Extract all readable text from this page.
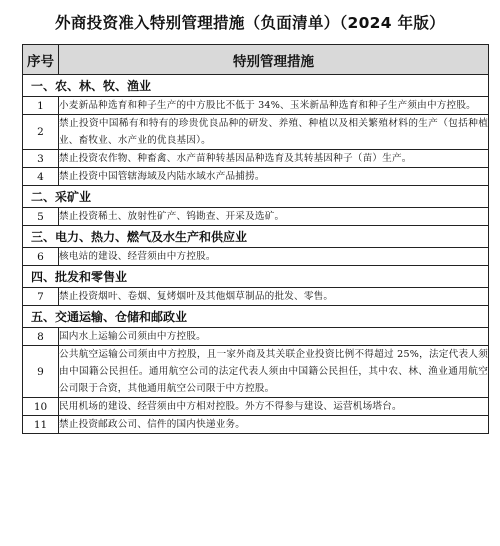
外商投资准入特别管理措施（负面清单）（2024 年版）
序号	特别管理措施
一、农、林、牧、渔业	
1	小麦新品种选育和种子生产的中方股比不低于 34%、玉米新品种选育和种子生产须由中方控股。
2	禁止投资中国稀有和特有的珍贵优良品种的研发、养殖、种植以及相关繁殖材料的生产（包括种植业、畜牧业、水产业的优良基因）。
3	禁止投资农作物、种畜禽、水产苗种转基因品种选育及其转基因种子（苗）生产。
4	禁止投资中国管辖海域及内陆水域水产品捕捞。
二、采矿业	
5	禁止投资稀土、放射性矿产、钨勘查、开采及选矿。
三、电力、热力、燃气及水生产和供应业	
6	核电站的建设、经营须由中方控股。
四、批发和零售业	
7	禁止投资烟叶、卷烟、复烤烟叶及其他烟草制品的批发、零售。
五、交通运输、仓储和邮政业	
8	国内水上运输公司须由中方控股。
9	公共航空运输公司须由中方控股，且一家外商及其关联企业投资比例不得超过 25%，法定代表人须由中国籍公民担任。通用航空公司的法定代表人须由中国籍公民担任，其中农、林、渔业通用航空公司限于合资，其他通用航空公司限于中方控股。
10	民用机场的建设、经营须由中方相对控股。外方不得参与建设、运营机场塔台。
11	禁止投资邮政公司、信件的国内快递业务。
